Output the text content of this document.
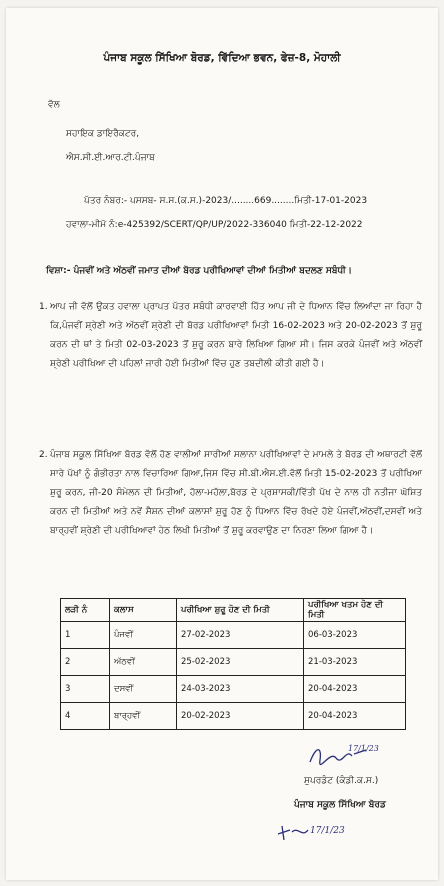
ਪੰਜਾਬ ਸਕੂਲ ਸਿੱਖਿਆ ਬੋਰਡ, ਵਿੱਦਿਆ ਭਵਨ, ਫੇਜ਼-8, ਮੋਹਾਲੀ
ਵੱਲ
ਸਹਾਇਕ ਡਾਇਰੈਕਟਰ,
ਐਸ.ਸੀ.ਈ.ਆਰ.ਟੀ.ਪੰਜਾਬ
ਪੱਤਰ ਨੰਬਰ:- ਪਸਸਬ- ਸ.ਸ.(ਕ.ਸ.)-2023/........669........ਮਿਤੀ-17-01-2023
ਹਵਾਲਾ-ਮੀਮੋ ਨੰ:e-425392/SCERT/QP/UP/2022-336040 ਮਿਤੀ-22-12-2022
ਵਿਸ਼ਾ:- ਪੰਜਵੀਂ ਅਤੇ ਅੱਠਵੀਂ ਜਮਾਤ ਦੀਆਂ ਬੋਰਡ ਪਰੀਖਿਆਵਾਂ ਦੀਆਂ ਮਿਤੀਆਂ ਬਦਲਣ ਸਬੰਧੀ।
1. ਆਪ ਜੀ ਵੱਲੋਂ ਉਕਤ ਹਵਾਲਾ ਪ੍ਰਾਪਤ ਪੱਤਰ ਸਬੰਧੀ ਕਾਰਵਾਈ ਹਿੱਤ ਆਪ ਜੀ ਦੇ ਧਿਆਨ ਵਿੱਚ ਲਿਆਂਦਾ ਜਾ ਰਿਹਾ ਹੈ ਕਿ,ਪੰਜਵੀਂ ਸ਼੍ਰੇਣੀ ਅਤੇ ਅੱਠਵੀਂ ਸ਼੍ਰੇਣੀ ਦੀ ਬੋਰਡ ਪਰੀਖਿਆਵਾਂ ਮਿਤੀ 16-02-2023 ਅਤੇ 20-02-2023 ਤੋਂ ਸ਼ੁਰੂ ਕਰਨ ਦੀ ਥਾਂ ਤੇ ਮਿਤੀ 02-03-2023 ਤੋਂ ਸ਼ੁਰੂ ਕਰਨ ਬਾਰੇ ਲਿਖਿਆ ਗਿਆ ਸੀ। ਜਿਸ ਕਰਕੇ ਪੰਜਵੀਂ ਅਤੇ ਅੱਠਵੀਂ ਸ਼੍ਰੇਣੀ ਪਰੀਖਿਆ ਦੀ ਪਹਿਲਾਂ ਜਾਰੀ ਹੋਈ ਮਿਤੀਆਂ ਵਿੱਚ ਹੁਣ ਤਬਦੀਲੀ ਕੀਤੀ ਗਈ ਹੈ।
2. ਪੰਜਾਬ ਸਕੂਲ ਸਿੱਖਿਆ ਬੋਰਡ ਵੱਲੋਂ ਹੋਣ ਵਾਲੀਆਂ ਸਾਰੀਆਂ ਸਲਾਨਾ ਪਰੀਖਿਆਵਾਂ ਦੇ ਮਾਮਲੇ ਤੇ ਬੋਰਡ ਦੀ ਅਥਾਰਟੀ ਵੱਲੋਂ ਸਾਰੇ ਪੱਖਾਂ ਨੂੰ ਗੰਭੀਰਤਾ ਨਾਲ ਵਿਚਾਰਿਆ ਗਿਆ,ਜਿਸ ਵਿੱਚ ਸੀ.ਬੀ.ਐਸ.ਈ.ਵੱਲੋਂ ਮਿਤੀ 15-02-2023 ਤੋਂ ਪਰੀਖਿਆ ਸ਼ੁਰੂ ਕਰਨ, ਜੀ-20 ਸੰਮੇਲਨ ਦੀ ਮਿਤੀਆਂ, ਹੋਲਾ-ਮਹੱਲਾ,ਬੋਰਡ ਦੇ ਪ੍ਰਸ਼ਾਸਕੀ/ਵਿੱਤੀ ਪੱਖ ਦੇ ਨਾਲ ਹੀ ਨਤੀਜਾ ਘੋਸ਼ਿਤ ਕਰਨ ਦੀ ਮਿਤੀਆਂ ਅਤੇ ਨਵੇਂ ਸੈਸ਼ਨ ਦੀਆਂ ਕਲਾਸਾਂ ਸ਼ੁਰੂ ਹੋਣ ਨੂੰ ਧਿਆਨ ਵਿੱਚ ਰੱਖਦੇ ਹੋਏ ਪੰਜਵੀਂ,ਅੱਠਵੀਂ,ਦਸਵੀਂ ਅਤੇ ਬਾਰ੍ਹਵੀਂ ਸ਼੍ਰੇਣੀ ਦੀ ਪਰੀਖਿਆਵਾਂ ਹੇਠ ਲਿਖੀ ਮਿਤੀਆਂ ਤੋਂ ਸ਼ੁਰੂ ਕਰਵਾਉਣ ਦਾ ਨਿਰਣਾ ਲਿਆ ਗਿਆ ਹੈ।
ਲੜੀ ਨੰ	ਕਲਾਸ	ਪਰੀਖਿਆ ਸ਼ੁਰੂ ਹੋਣ ਦੀ ਮਿਤੀ	ਪਰੀਖਿਆ ਖਤਮ ਹੋਣ ਦੀ ਮਿਤੀ
1	ਪੰਜਵੀਂ	27-02-2023	06-03-2023
2	ਅੱਠਵੀਂ	25-02-2023	21-03-2023
3	ਦਸਵੀਂ	24-03-2023	20-04-2023
4	ਬਾਰ੍ਹਵੀਂ	20-02-2023	20-04-2023
17/1/23
ਸੁਪਰਡੰਟ (ਕੰਡੀ.ਕ.ਸ.)
ਪੰਜਾਬ ਸਕੂਲ ਸਿੱਖਿਆ ਬੋਰਡ
17/1/23
